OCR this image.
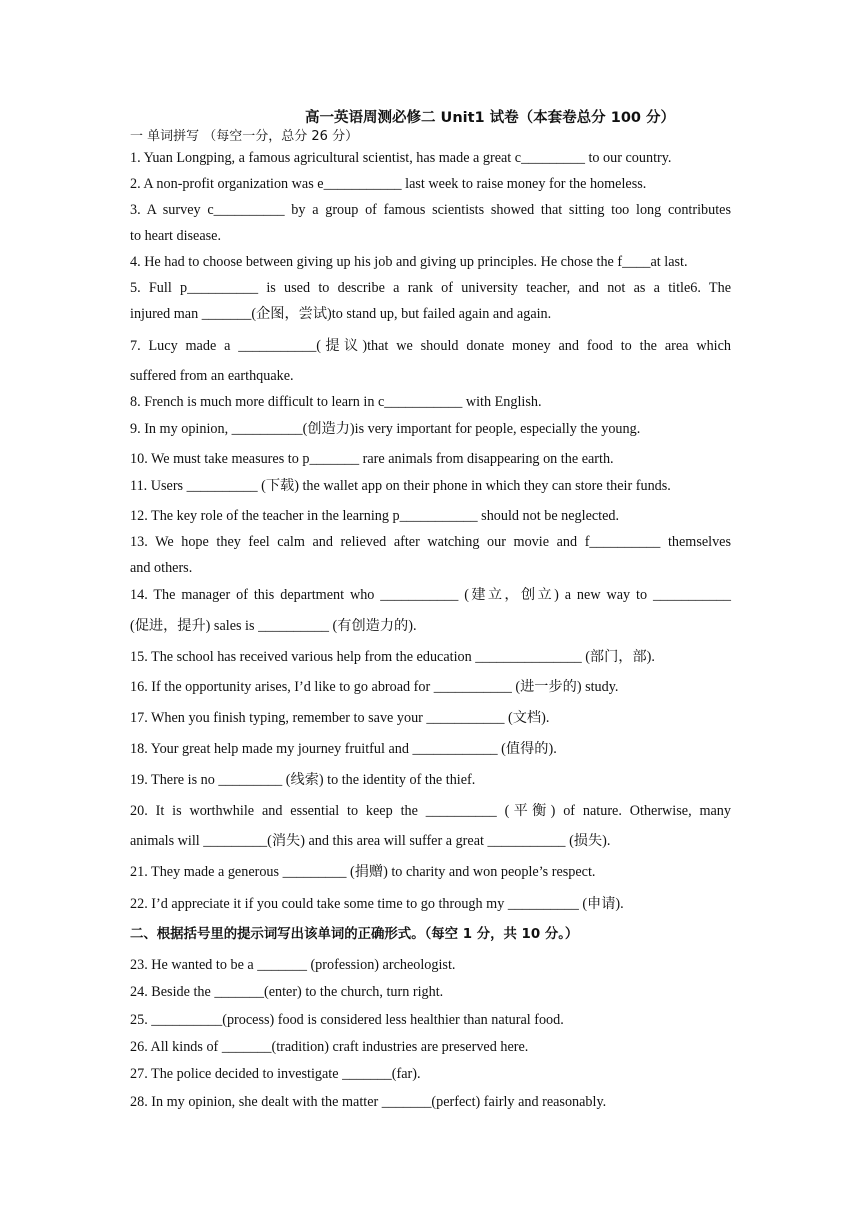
高一英语周测必修二 Unit1 试卷（本套卷总分 100 分）
一 单词拼写 （每空一分，总分 26 分）
1. Yuan Longping, a famous agricultural scientist, has made a great c_________ to our country.
2. A non-profit organization was e___________ last week to raise money for the homeless.
3. A survey c__________ by a group of famous scientists showed that sitting too long contributes
to heart disease.
4. He had to choose between giving up his job and giving up principles. He chose the f____at last.
5. Full p__________ is used to describe a rank of university teacher, and not as a title6. The
injured man _______(企图，尝试)to stand up, but failed again and again.
7. Lucy made a ___________(提议)that we should donate money and food to the area which
suffered from an earthquake.
8. French is much more difficult to learn in c___________ with English.
9. In my opinion, __________(创造力)is very important for people, especially the young.
10. We must take measures to p_______ rare animals from disappearing on the earth.
11. Users __________ (下载) the wallet app on their phone in which they can store their funds.
12. The key role of the teacher in the learning p___________ should not be neglected.
13. We hope they feel calm and relieved after watching our movie and f__________ themselves
and others.
14. The manager of this department who ___________ (建立，创立) a new way to ___________
(促进，提升) sales is __________ (有创造力的).
15. The school has received various help from the education _______________ (部门，部).
16. If the opportunity arises, I’d like to go abroad for ___________ (进一步的) study.
17. When you finish typing, remember to save your ___________ (文档).
18. Your great help made my journey fruitful and ____________ (值得的).
19. There is no _________ (线索) to the identity of the thief.
20. It is worthwhile and essential to keep the __________ (平衡) of nature. Otherwise, many
animals will _________(消失) and this area will suffer a great ___________ (损失).
21. They made a generous _________ (捐赠) to charity and won people’s respect.
22. I’d appreciate it if you could take some time to go through my __________ (申请).
二、根据括号里的提示词写出该单词的正确形式。（每空 1 分，共 10 分。）
23. He wanted to be a _______ (profession) archeologist.
24. Beside the _______(enter) to the church, turn right.
25. __________(process) food is considered less healthier than natural food.
26. All kinds of _______(tradition) craft industries are preserved here.
27. The police decided to investigate _______(far).
28. In my opinion, she dealt with the matter _______(perfect) fairly and reasonably.
